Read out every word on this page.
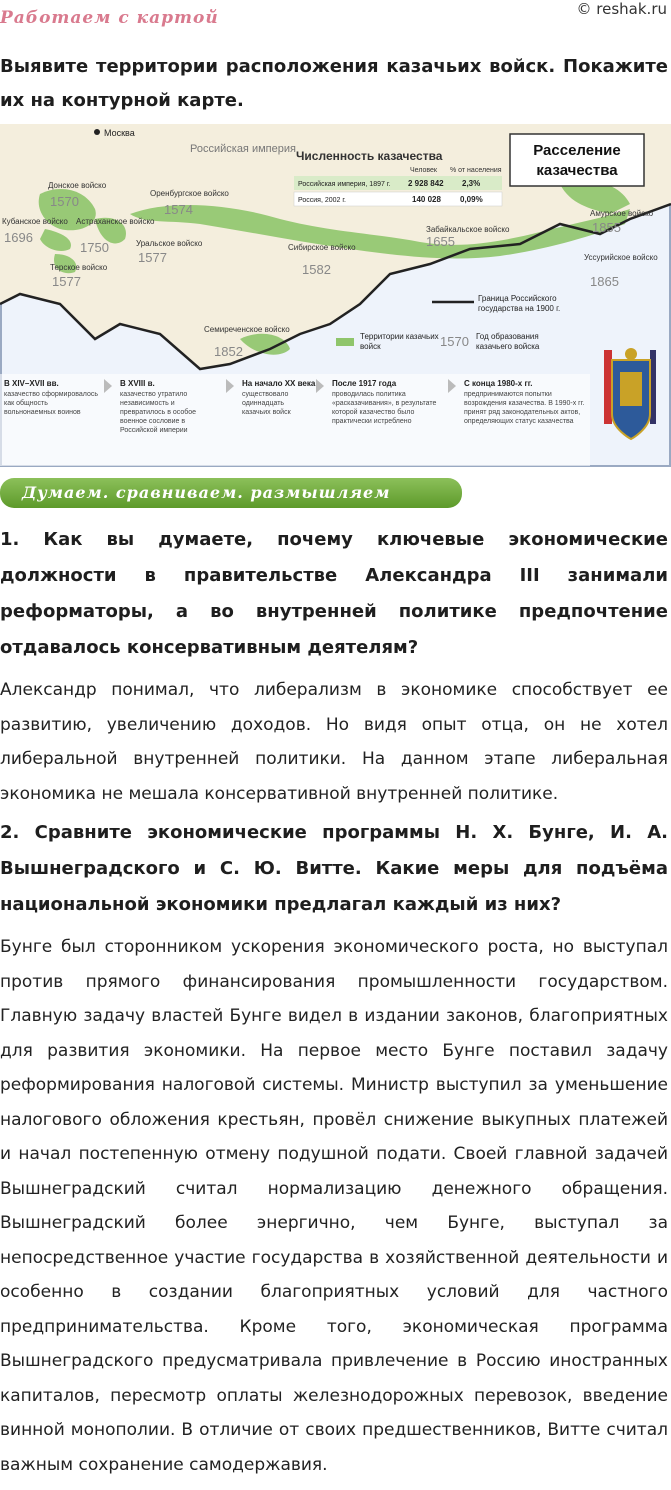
Работаем с картой	© reshak.ru
Выявите территории расположения казачьих войск. Покажите их на контурной карте.
Москва
Российская империя	Расселение
казачества
Численность казачества
Человек % от населения
Российская империя, 1897 г. 2 928 842 2,3%
Россия, 2002 г.	140 028 0,09%
Донское войско
1570
Кубанское войско
1696
Астраханское войско
1750
Терское войско
1577
Оренбургское войско
1574
Уральское войско
1577
Сибирское войско
1582
Семиреченское войско
1852
Забайкальское войско
1655
Амурское войско
1855
Уссурийское войско
1865
Граница Российского государства на 1900 г.
Территории казачьих войск	1570 Год образования казачьего войска
В XIV–XVII вв.	В XVIII в.	На начало XX века После 1917 года	С конца 1980-х гг.
казачество сформировалось как общность вольнонаемных воинов
казачество утратило независимость и превратилось в особое военное сословие в Российской империи
существовало одиннадцать казачьих войск
проводилась политика «расказачивания», в результате которой казачество было практически истреблено
предпринимаются попытки возрождения казачества. В 1990-х гг. принят ряд законодательных актов, определяющих статус казачества
Думаем. сравниваем. размышляем
1. Как вы думаете, почему ключевые экономические должности в правительстве Александра III занимали реформаторы, а во внутренней политике предпочтение отдавалось консервативным деятелям?
Александр понимал, что либерализм в экономике способствует ее развитию, увеличению доходов. Но видя опыт отца, он не хотел либеральной внутренней политики. На данном этапе либеральная экономика не мешала консервативной внутренней политике.
2. Сравните экономические программы Н. Х. Бунге, И. А. Вышнеградского и С. Ю. Витте. Какие меры для подъёма национальной экономики предлагал каждый из них?
Бунге был сторонником ускорения экономического роста, но выступал против прямого финансирования промышленности государством. Главную задачу властей Бунге видел в издании законов, благоприятных для развития экономики. На первое место Бунге поставил задачу реформирования налоговой системы. Министр выступил за уменьшение налогового обложения крестьян, провёл снижение выкупных платежей и начал постепенную отмену подушной подати. Своей главной задачей Вышнеградский считал нормализацию денежного обращения. Вышнеградский более энергично, чем Бунге, выступал за непосредственное участие государства в хозяйственной деятельности и особенно в создании благоприятных условий для частного предпринимательства. Кроме того, экономическая программа Вышнеградского предусматривала привлечение в Россию иностранных капиталов, пересмотр оплаты железнодорожных перевозок, введение винной монополии. В отличие от своих предшественников, Витте считал важным сохранение самодержавия.
